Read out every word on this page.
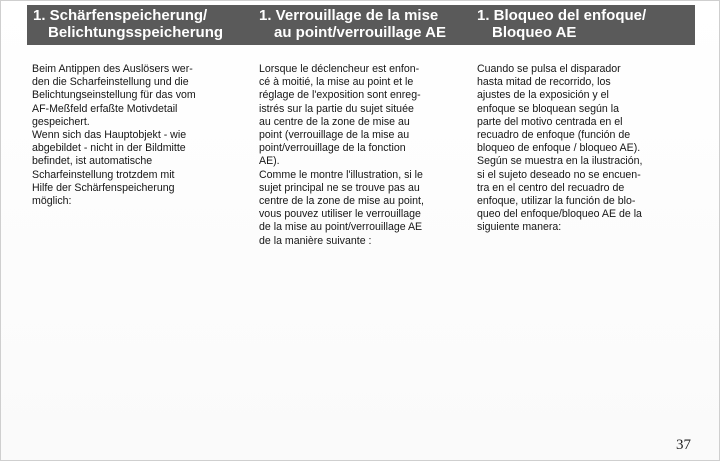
1. Schärfenspeicherung/
Belichtungsspeicherung
1. Verrouillage de la mise
au point/verrouillage AE
1. Bloqueo del enfoque/
Bloqueo AE
Beim Antippen des Auslösers wer-
den die Scharfeinstellung und die
Belichtungseinstellung für das vom
AF-Meßfeld erfaßte Motivdetail
gespeichert.
Wenn sich das Hauptobjekt - wie
abgebildet - nicht in der Bildmitte
befindet, ist automatische
Scharfeinstellung trotzdem mit
Hilfe der Schärfenspeicherung
möglich:
Lorsque le déclencheur est enfon-
cé à moitié, la mise au point et le
réglage de l'exposition sont enreg-
istrés sur la partie du sujet située
au centre de la zone de mise au
point (verrouillage de la mise au
point/verrouillage de la fonction
AE).
Comme le montre l'illustration, si le
sujet principal ne se trouve pas au
centre de la zone de mise au point,
vous pouvez utiliser le verrouillage
de la mise au point/verrouillage AE
de la manière suivante :
Cuando se pulsa el disparador
hasta mitad de recorrido, los
ajustes de la exposición y el
enfoque se bloquean según la
parte del motivo centrada en el
recuadro de enfoque (función de
bloqueo de enfoque / bloqueo AE).
Según se muestra en la ilustración,
si el sujeto deseado no se encuen-
tra en el centro del recuadro de
enfoque, utilizar la función de blo-
queo del enfoque/bloqueo AE de la
siguiente manera:
37
